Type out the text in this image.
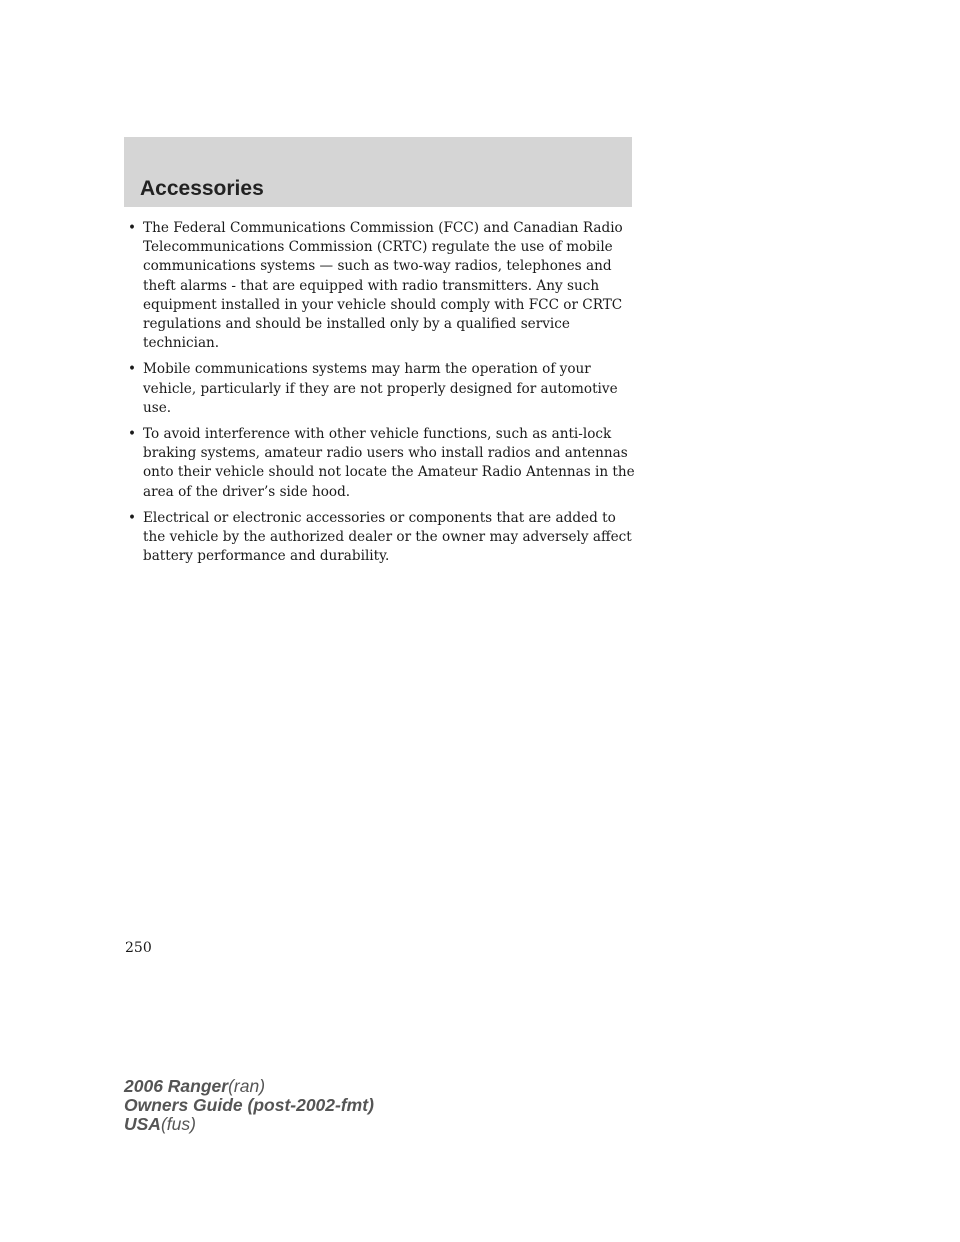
Accessories
• The Federal Communications Commission (FCC) and Canadian Radio Telecommunications Commission (CRTC) regulate the use of mobile communications systems — such as two-way radios, telephones and theft alarms - that are equipped with radio transmitters. Any such equipment installed in your vehicle should comply with FCC or CRTC regulations and should be installed only by a qualified service technician.
• Mobile communications systems may harm the operation of your vehicle, particularly if they are not properly designed for automotive use.
• To avoid interference with other vehicle functions, such as anti-lock braking systems, amateur radio users who install radios and antennas onto their vehicle should not locate the Amateur Radio Antennas in the area of the driver’s side hood.
• Electrical or electronic accessories or components that are added to the vehicle by the authorized dealer or the owner may adversely affect battery performance and durability.

250

2006 Ranger(ran)
Owners Guide (post-2002-fmt)
USA(fus)
